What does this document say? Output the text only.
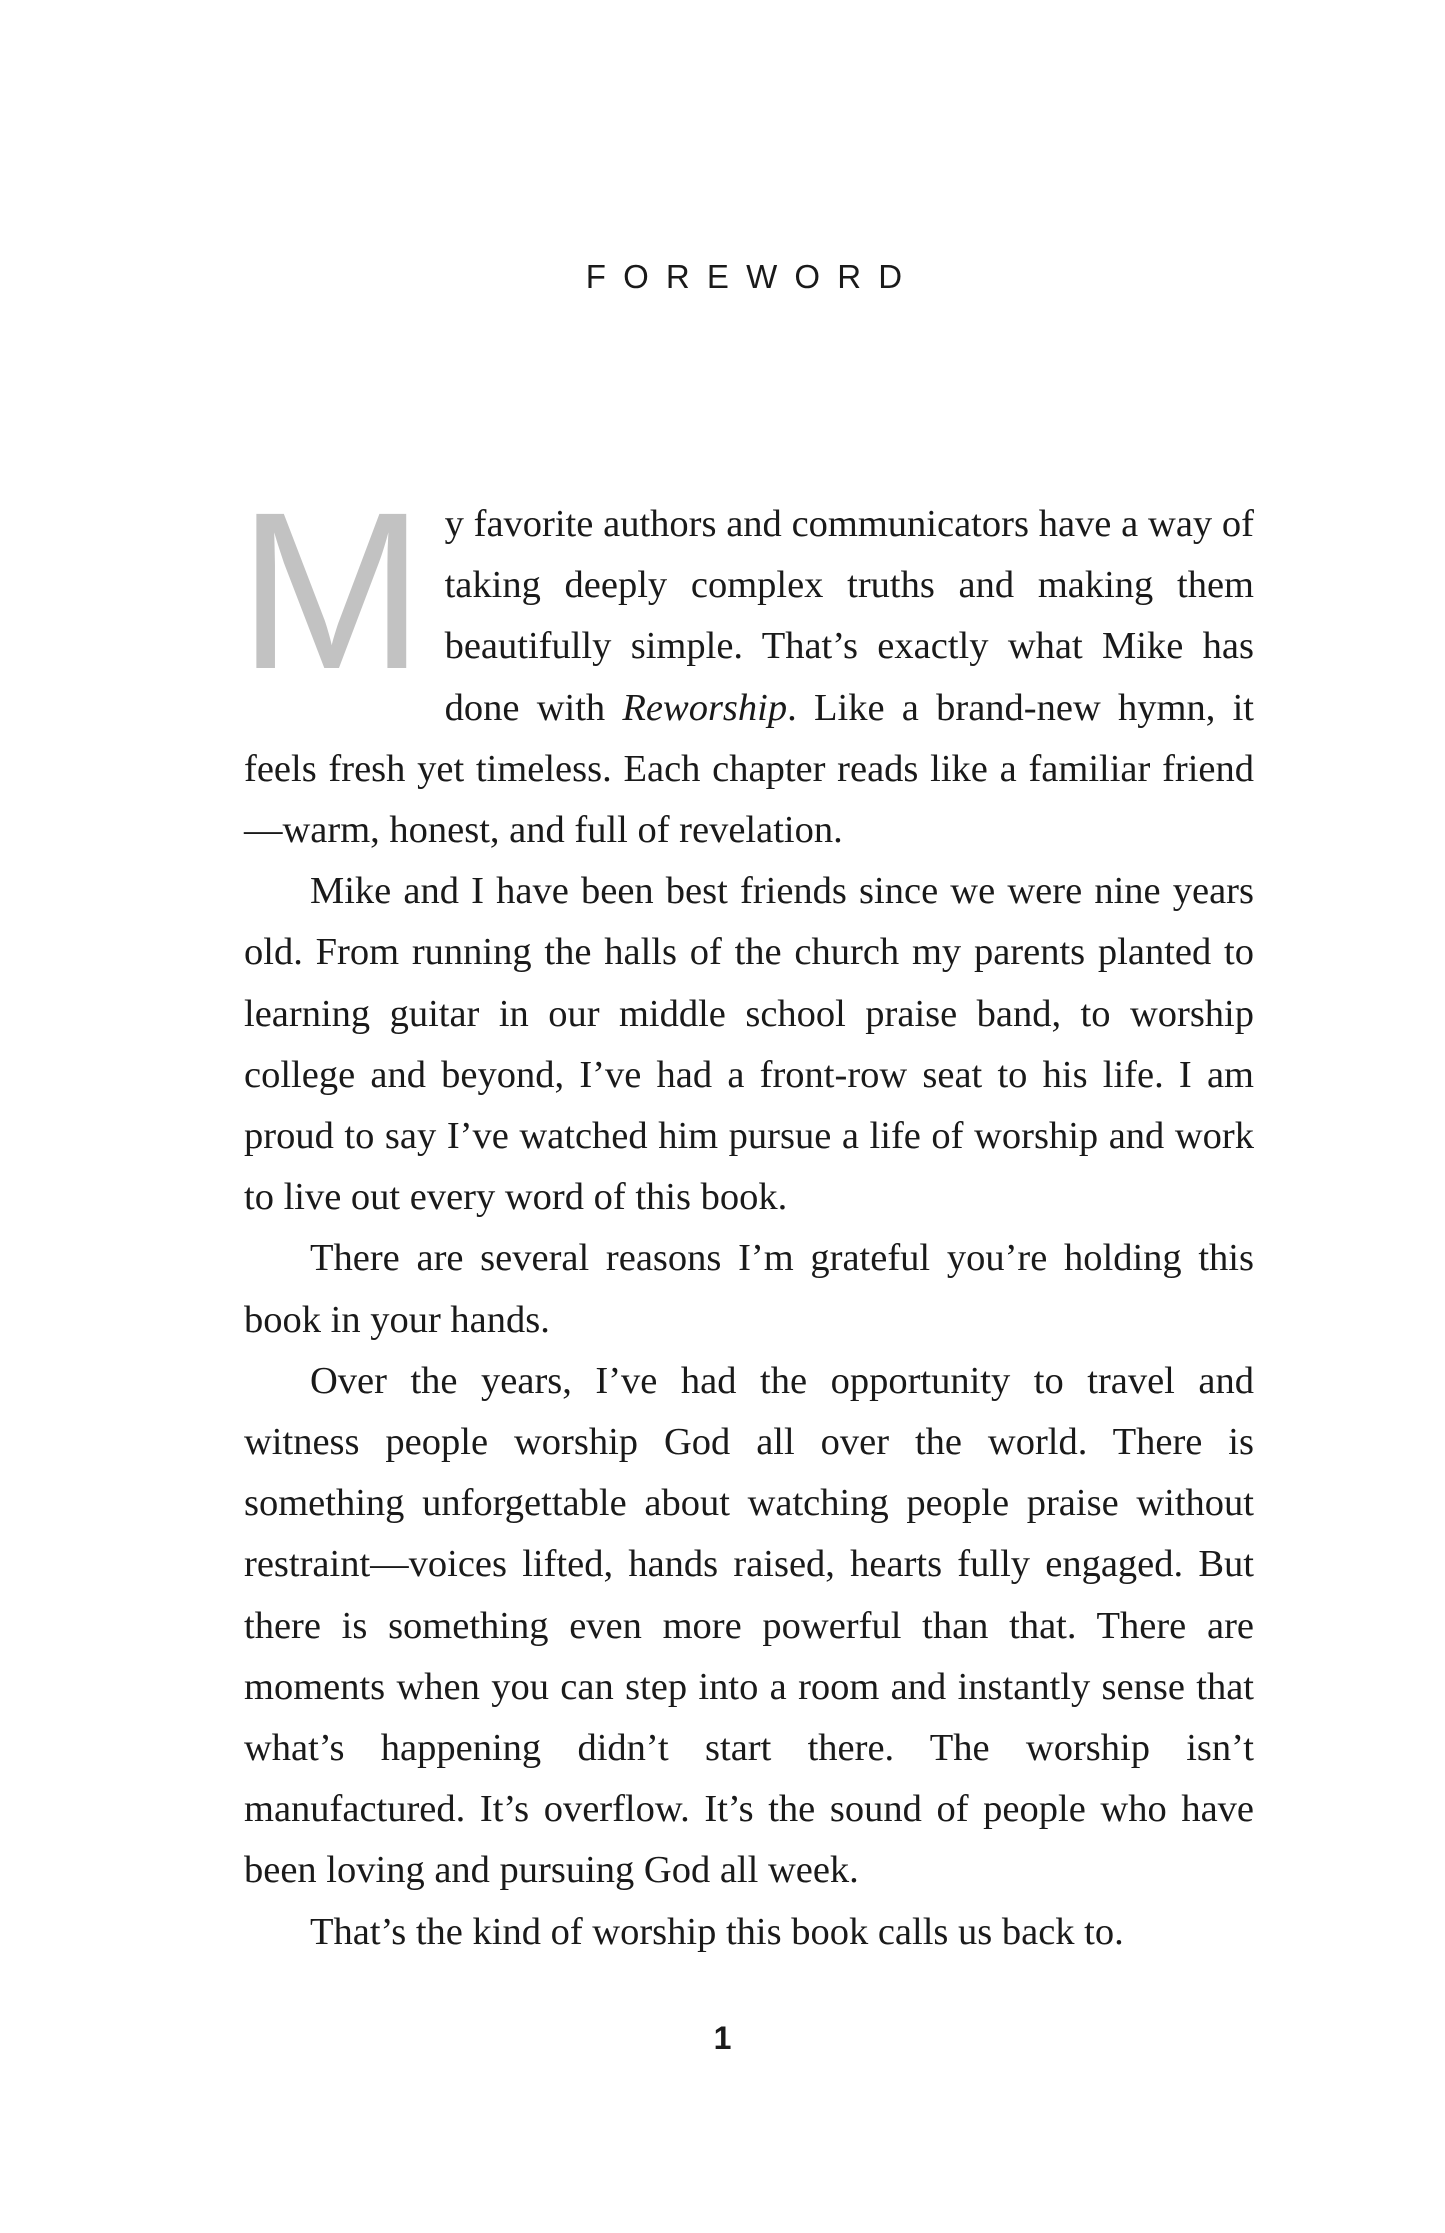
FOREWORD

My favorite authors and communicators have a way of taking deeply complex truths and making them beautifully simple. That’s exactly what Mike has done with Reworship. Like a brand-new hymn, it feels fresh yet timeless. Each chapter reads like a familiar friend—warm, honest, and full of revelation.

Mike and I have been best friends since we were nine years old. From running the halls of the church my parents planted to learning guitar in our middle school praise band, to worship college and beyond, I’ve had a front-row seat to his life. I am proud to say I’ve watched him pursue a life of worship and work to live out every word of this book.

There are several reasons I’m grateful you’re holding this book in your hands.

Over the years, I’ve had the opportunity to travel and witness people worship God all over the world. There is something unforgettable about watching people praise without restraint—voices lifted, hands raised, hearts fully engaged. But there is something even more powerful than that. There are moments when you can step into a room and instantly sense that what’s happening didn’t start there. The worship isn’t manufactured. It’s overflow. It’s the sound of people who have been loving and pursuing God all week.

That’s the kind of worship this book calls us back to.

1
